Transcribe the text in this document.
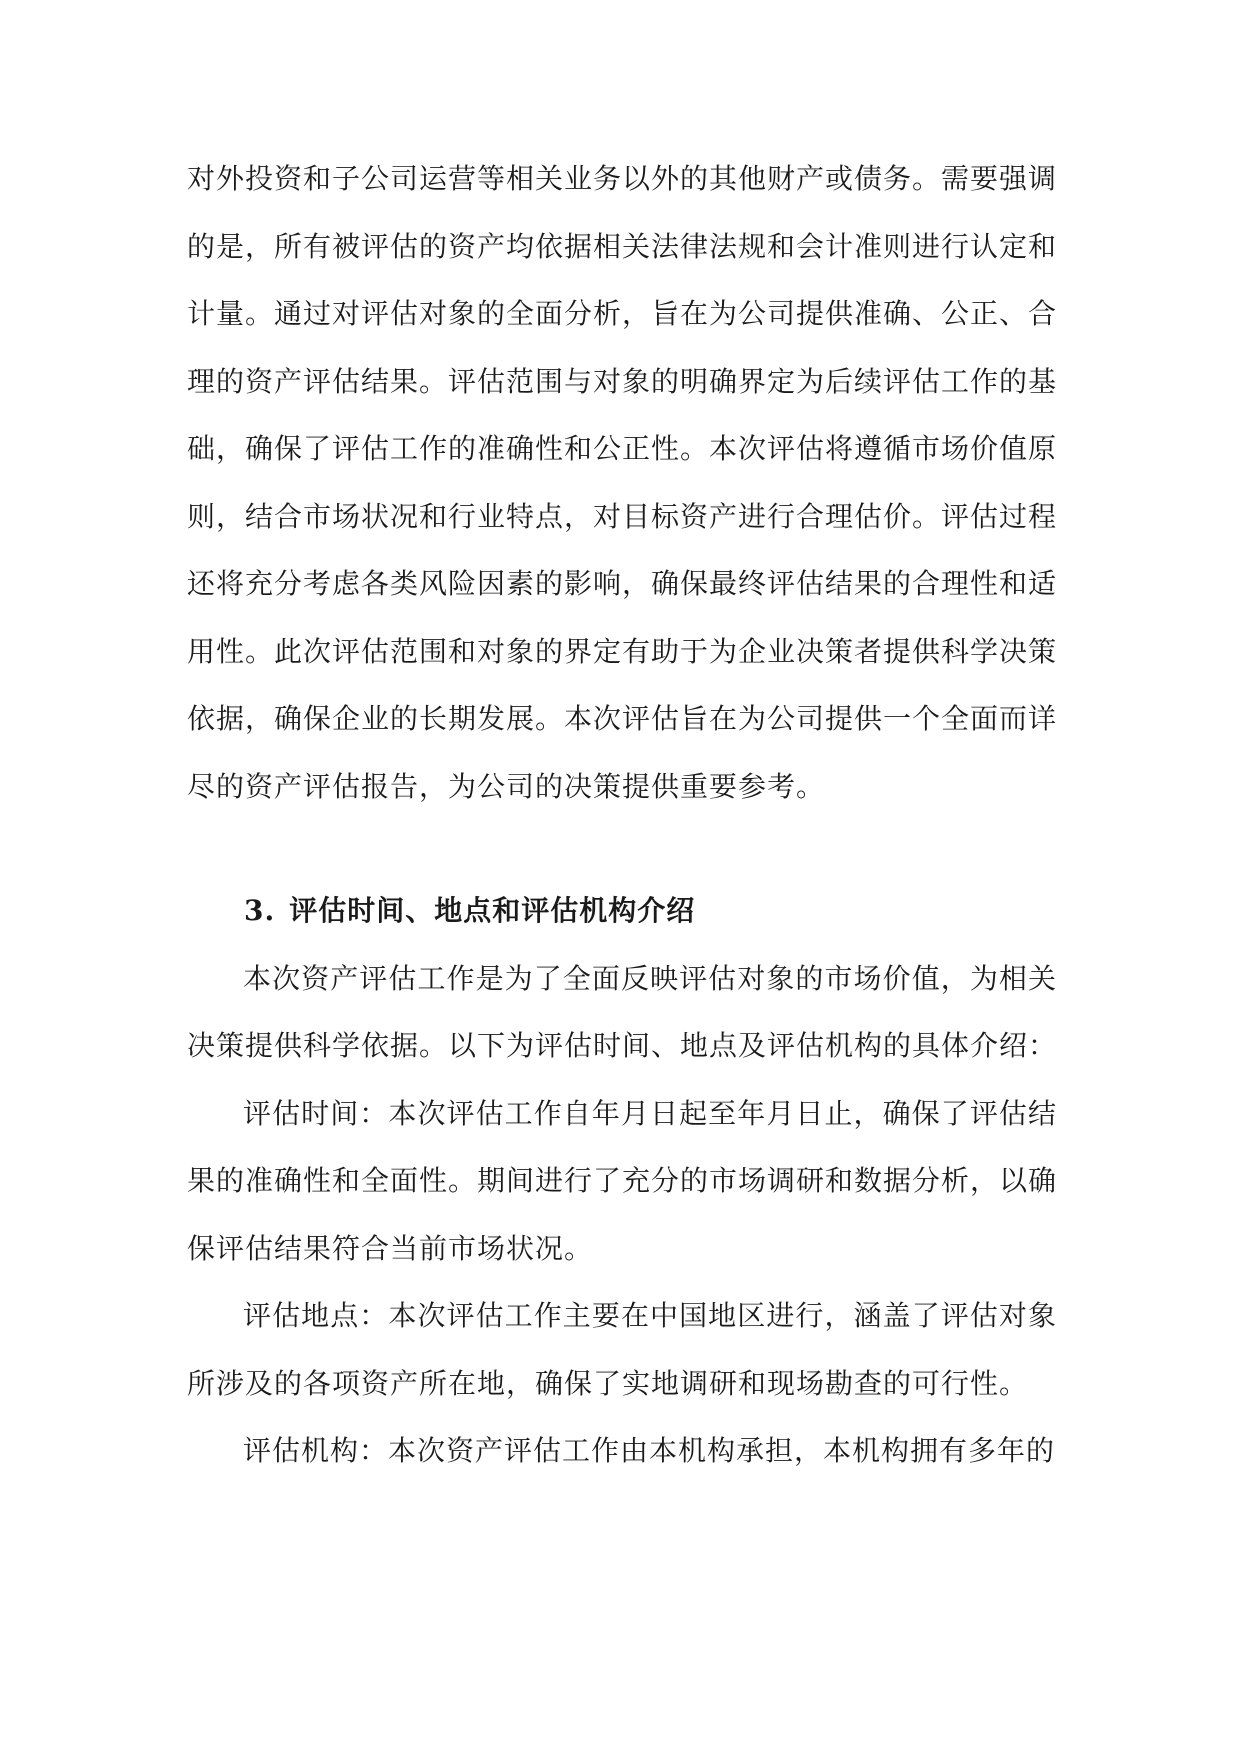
对外投资和子公司运营等相关业务以外的其他财产或债务。需要强调的是，所有被评估的资产均依据相关法律法规和会计准则进行认定和计量。通过对评估对象的全面分析，旨在为公司提供准确、公正、合理的资产评估结果。评估范围与对象的明确界定为后续评估工作的基础，确保了评估工作的准确性和公正性。本次评估将遵循市场价值原则，结合市场状况和行业特点，对目标资产进行合理估价。评估过程还将充分考虑各类风险因素的影响，确保最终评估结果的合理性和适用性。此次评估范围和对象的界定有助于为企业决策者提供科学决策依据，确保企业的长期发展。本次评估旨在为公司提供一个全面而详尽的资产评估报告，为公司的决策提供重要参考。

3. 评估时间、地点和评估机构介绍

本次资产评估工作是为了全面反映评估对象的市场价值，为相关决策提供科学依据。以下为评估时间、地点及评估机构的具体介绍：

评估时间：本次评估工作自年月日起至年月日止，确保了评估结果的准确性和全面性。期间进行了充分的市场调研和数据分析，以确保评估结果符合当前市场状况。

评估地点：本次评估工作主要在中国地区进行，涵盖了评估对象所涉及的各项资产所在地，确保了实地调研和现场勘查的可行性。

评估机构：本次资产评估工作由本机构承担，本机构拥有多年的
